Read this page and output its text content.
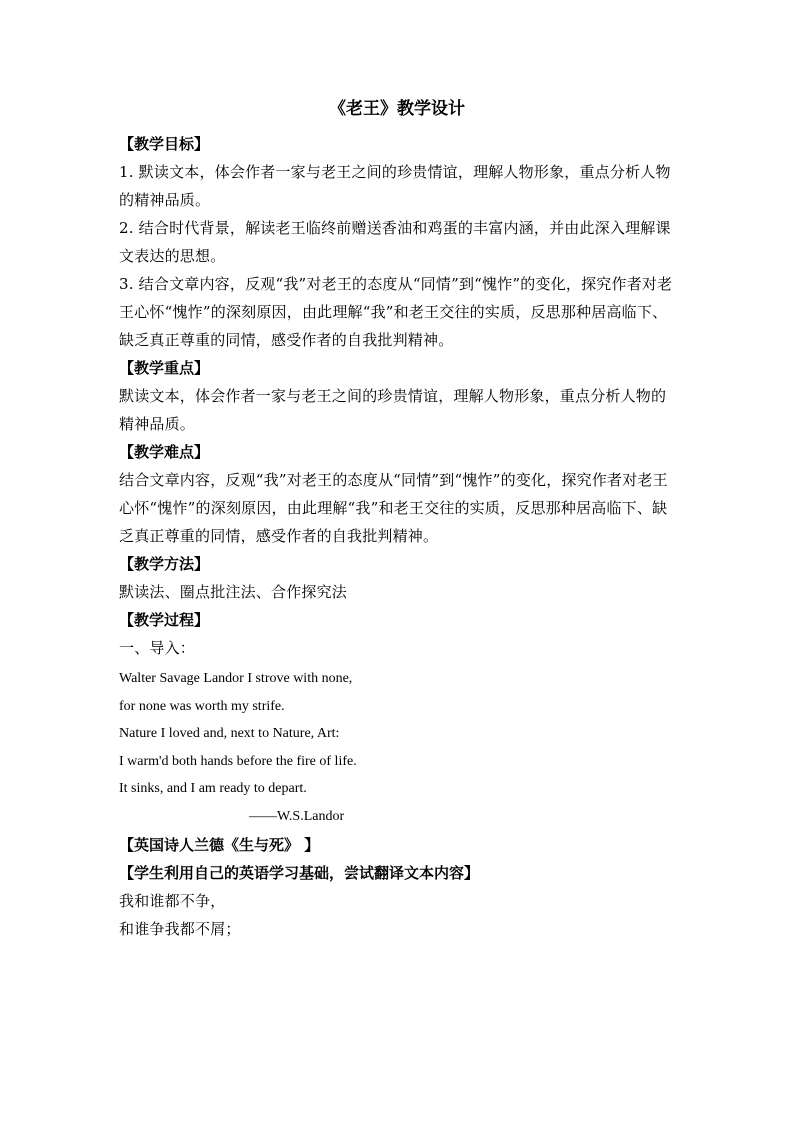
《老王》教学设计

【教学目标】

1. 默读文本，体会作者一家与老王之间的珍贵情谊，理解人物形象，重点分析人物的精神品质。

2. 结合时代背景，解读老王临终前赠送香油和鸡蛋的丰富内涵，并由此深入理解课文表达的思想。

3. 结合文章内容，反观“我”对老王的态度从“同情”到“愧怍”的变化，探究作者对老王心怀“愧怍”的深刻原因，由此理解“我”和老王交往的实质，反思那种居高临下、缺乏真正尊重的同情，感受作者的自我批判精神。

【教学重点】

默读文本，体会作者一家与老王之间的珍贵情谊，理解人物形象，重点分析人物的精神品质。

【教学难点】

结合文章内容，反观“我”对老王的态度从“同情”到“愧怍”的变化，探究作者对老王心怀“愧怍”的深刻原因，由此理解“我”和老王交往的实质，反思那种居高临下、缺乏真正尊重的同情，感受作者的自我批判精神。

【教学方法】

默读法、圈点批注法、合作探究法

【教学过程】

一、导入：

Walter Savage Landor I strove with none,

for none was worth my strife.

Nature I loved and, next to Nature, Art:

I warm'd both hands before the fire of life.

It sinks, and I am ready to depart.

——W.S.Landor

【英国诗人兰德《生与死》 】

【学生利用自己的英语学习基础，尝试翻译文本内容】

我和谁都不争，

和谁争我都不屑；
